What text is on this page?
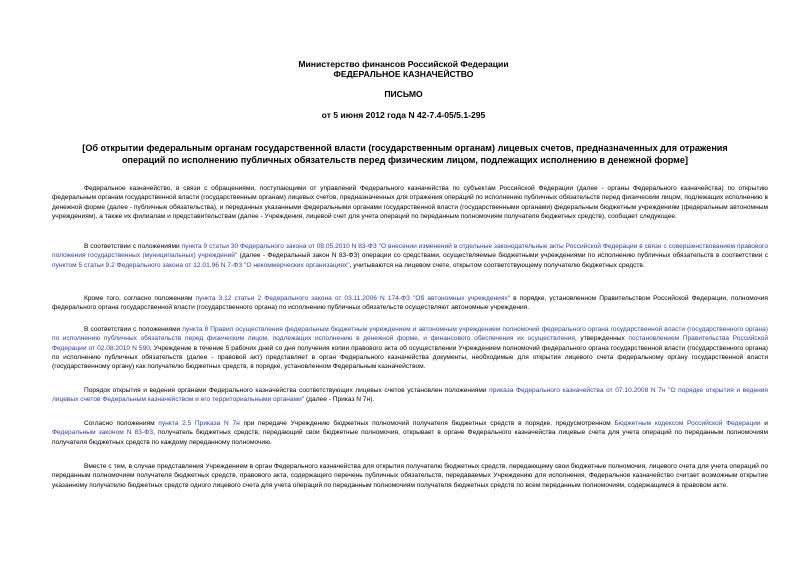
Министерство финансов Российской Федерации
ФЕДЕРАЛЬНОЕ КАЗНАЧЕЙСТВО
ПИСЬМО
от 5 июня 2012 года N 42-7.4-05/5.1-295
[Об открытии федеральным органам государственной власти (государственным органам) лицевых счетов, предназначенных для отражения операций по исполнению публичных обязательств перед физическим лицом, подлежащих исполнению в денежной форме]
Федеральное казначейство, в связи с обращениями, поступающими от управлений Федерального казначейства по субъектам Российской Федерации (далее - органы Федерального казначейства) по открытию федеральным органам государственной власти (государственным органам) лицевых счетов, предназначенных для отражения операций по исполнению публичных обязательств перед физическим лицом, подлежащих исполнению в денежной форме (далее - публичные обязательства), и переданных указанными федеральными органами государственной власти (государственными органами) федеральным бюджетным учреждениям (федеральным автономным учреждениям), а также их филиалам и представительствам (далее - Учреждения, лицевой счет для учета операций по переданным полномочиям получателя бюджетных средств), сообщает следующее.
В соответствии с положениями пункта 9 статьи 30 Федерального закона от 08.05.2010 N 83-ФЗ "О внесении изменений в отдельные законодательные акты Российской Федерации в связи с совершенствованием правового положения государственных (муниципальных) учреждений" (далее - Федеральный закон N 83-ФЗ) операции со средствами, осуществляемые бюджетными учреждениями по исполнению публичных обязательств в соответствии с пунктом 5 статьи 9.2 Федерального закона от 12.01.96 N 7-ФЗ "О некоммерческих организациях", учитываются на лицевом счете, открытом соответствующему получателю бюджетных средств.
Кроме того, согласно положениям пункта 3.12 статьи 2 Федерального закона от 03.11.2006 N 174-ФЗ "Об автономных учреждениях" в порядке, установленном Правительством Российской Федерации, полномочия федерального органа государственной власти (государственного органа) по исполнению публичных обязательств осуществляют автономные учреждения.
В соответствии с положениями пункта 8 Правил осуществления федеральным бюджетным учреждением и автономным учреждением полномочий федерального органа государственной власти (государственного органа) по исполнению публичных обязательств перед физическим лицом, подлежащих исполнению в денежной форме, и финансового обеспечения их осуществления, утвержденных постановлением Правительства Российской Федерации от 02.08.2010 N 590, Учреждение в течение 5 рабочих дней со дня получения копии правового акта об осуществлении Учреждением полномочий федерального органа государственной власти (государственного органа) по исполнению публичных обязательств (далее - правовой акт) представляет в орган Федерального казначейства документы, необходимые для открытия лицевого счета федеральному органу государственной власти (государственному органу) как получателю бюджетных средств, в порядке, установленном Федеральным казначейством.
Порядок открытия и ведения органами Федерального казначейства соответствующих лицевых счетов установлен положениями приказа Федерального казначейства от 07.10.2008 N 7н "О порядке открытия и ведения лицевых счетов Федеральным казначейством и его территориальными органами" (далее - Приказ N 7н).
Согласно положениям пункта 2.5 Приказа N 7н при передаче Учреждению бюджетных полномочий получателя бюджетных средств в порядке, предусмотренном Бюджетным кодексом Российской Федерации и Федеральным законом N 83-ФЗ, получатель бюджетных средств, передающий свои бюджетные полномочия, открывает в органе Федерального казначейства лицевые счета для учета операций по переданным полномочиям получателя бюджетных средств по каждому переданному полномочию.
Вместе с тем, в случае представления Учреждением в орган Федерального казначейства для открытия получателю бюджетных средств, передающему свои бюджетные полномочия, лицевого счета для учета операций по переданным полномочиям получателя бюджетных средств, правового акта, содержащего перечень публичных обязательств, передаваемых Учреждению для исполнения, Федеральное казначейство считает возможным открытие указанному получателю бюджетных средств одного лицевого счета для учета операций по переданным полномочиям получателя бюджетных средств по всем переданным полномочиям, содержащимся в правовом акте.
